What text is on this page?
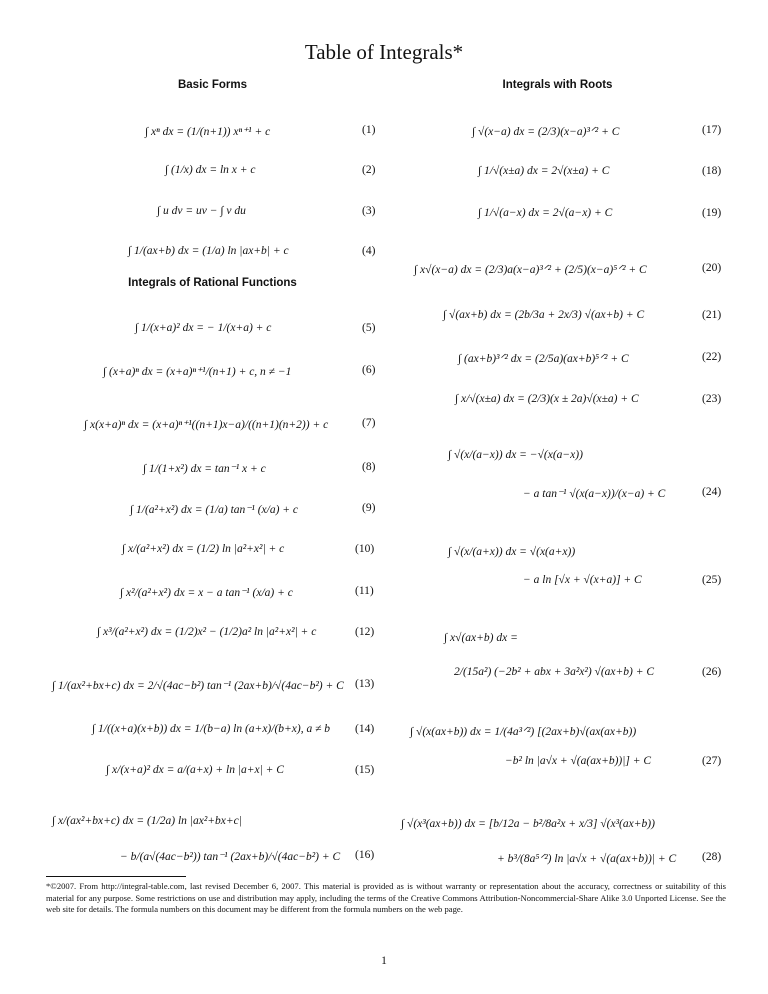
Table of Integrals*
Basic Forms
Integrals of Rational Functions
Integrals with Roots
∫ xⁿ dx = (1/(n+1)) xⁿ⁺¹ + c	(1)
∫ (1/x) dx = ln x + c	(2)
∫ u dv = uv − ∫ v du	(3)
∫ 1/(ax+b) dx = (1/a) ln |ax+b| + c	(4)
∫ 1/(x+a)² dx = − 1/(x+a) + c	(5)
∫ (x+a)ⁿ dx = (x+a)ⁿ⁺¹/(n+1) + c, n ≠ −1	(6)
∫ x(x+a)ⁿ dx = (x+a)ⁿ⁺¹((n+1)x−a)/((n+1)(n+2)) + c	(7)
∫ 1/(1+x²) dx = tan⁻¹ x + c	(8)
∫ 1/(a²+x²) dx = (1/a) tan⁻¹ (x/a) + c	(9)
∫ x/(a²+x²) dx = (1/2) ln |a²+x²| + c	(10)
∫ x²/(a²+x²) dx = x − a tan⁻¹ (x/a) + c	(11)
∫ x³/(a²+x²) dx = (1/2)x² − (1/2)a² ln |a²+x²| + c	(12)
∫ 1/(ax²+bx+c) dx = 2/√(4ac−b²) tan⁻¹ (2ax+b)/√(4ac−b²) + C (13)
∫ 1/((x+a)(x+b)) dx = 1/(b−a) ln (a+x)/(b+x), a ≠ b (14)
∫ x/(x+a)² dx = a/(a+x) + ln |a+x| + C	(15)
∫ x/(ax²+bx+c) dx = (1/2a) ln |ax²+bx+c|
− b/(a√(4ac−b²)) tan⁻¹ (2ax+b)/√(4ac−b²) + C (16)
∫ √(x−a) dx = (2/3)(x−a)³ᐟ² + C	(17)
∫ 1/√(x±a) dx = 2√(x±a) + C	(18)
∫ 1/√(a−x) dx = 2√(a−x) + C	(19)
∫ x√(x−a) dx = (2/3)a(x−a)³ᐟ² + (2/5)(x−a)⁵ᐟ² + C	(20)
∫ √(ax+b) dx = (2b/3a + 2x/3) √(ax+b) + C	(21)
∫ (ax+b)³ᐟ² dx = (2/5a)(ax+b)⁵ᐟ² + C	(22)
∫ x/√(x±a) dx = (2/3)(x ± 2a)√(x±a) + C	(23)
∫ √(x/(a−x)) dx = −√(x(a−x))
− a tan⁻¹ √(x(a−x))/(x−a) + C	(24)
∫ √(x/(a+x)) dx = √(x(a+x))
− a ln [√x + √(x+a)] + C	(25)
∫ x√(ax+b) dx =
2/(15a²) (−2b² + abx + 3a²x²) √(ax+b) + C	(26)
∫ √(x(ax+b)) dx = 1/(4a³ᐟ²) [(2ax+b)√(ax(ax+b))
−b² ln |a√x + √(a(ax+b))|] + C	(27)
∫ √(x³(ax+b)) dx = [b/12a − b²/8a²x + x/3] √(x³(ax+b))
+ b³/(8a⁵ᐟ²) ln |a√x + √(a(ax+b))| + C (28)
*©2007. From http://integral-table.com, last revised December 6, 2007. This material is provided as is without warranty or representation about the accuracy, correctness or suitability of this material for any purpose. Some restrictions on use and distribution may apply, including the terms of the Creative Commons Attribution-Noncommercial-Share Alike 3.0 Unported License. See the web site for details. The formula numbers on this document may be different from the formula numbers on the web page.
1
